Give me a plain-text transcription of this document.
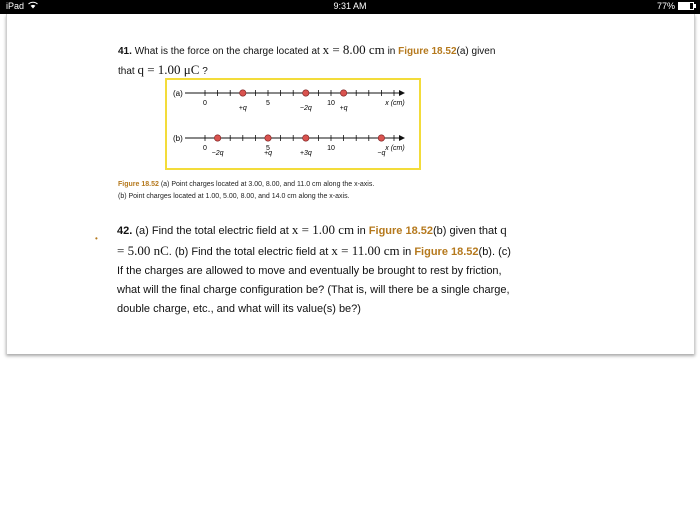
iPad	9:31 AM	77%
41. What is the force on the charge located at x = 8.00 cm in Figure 18.52(a) given that q = 1.00 μC ?
(a)
0	5	10	x (cm)
+q	−2q	+q
(b)
0	5	10	x (cm)
−2q	+q	+3q	−q
Figure 18.52 (a) Point charges located at 3.00, 8.00, and 11.0 cm along the x-axis.
(b) Point charges located at 1.00, 5.00, 8.00, and 14.0 cm along the x-axis.
•
42. (a) Find the total electric field at x = 1.00 cm in Figure 18.52(b) given that q = 5.00 nC. (b) Find the total electric field at x = 11.00 cm in Figure 18.52(b). (c) If the charges are allowed to move and eventually be brought to rest by friction, what will the final charge configuration be? (That is, will there be a single charge, double charge, etc., and what will its value(s) be?)
